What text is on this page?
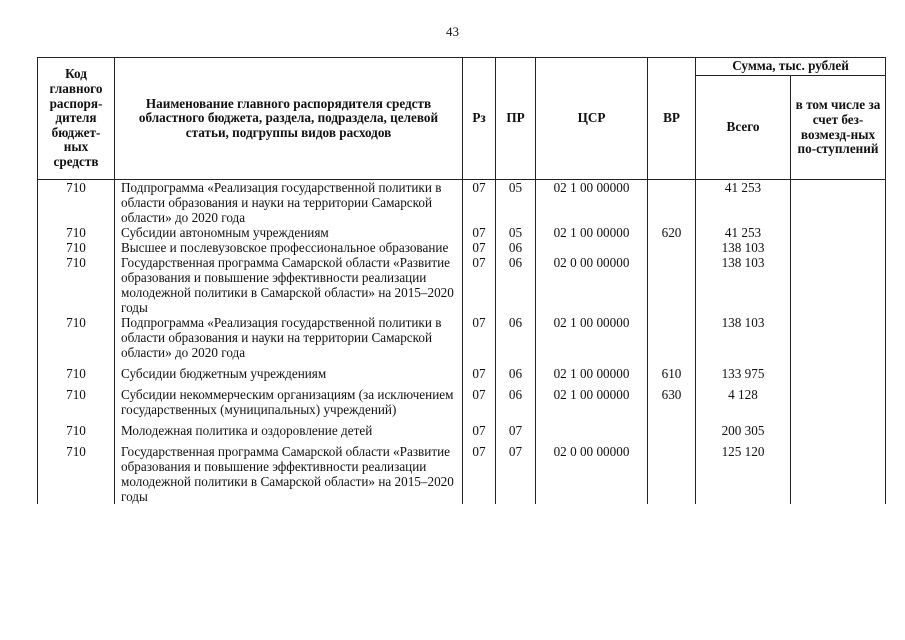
43
Код главного распоря-дителя бюджет-ных средств	Наименование главного распорядителя средств областного бюджета, раздела, подраздела, целевой статьи, подгруппы видов расходов	Рз	ПР	ЦСР	ВР	Сумма, тыс. рублей	
						Всего	в том числе за счет без-возмезд-ных по-ступлений
710	Подпрограмма «Реализация государственной политики в области образования и науки на территории Самарской области» до 2020 года	07	05	02 1 00 00000		41 253	
710	Субсидии автономным учреждениям	07	05	02 1 00 00000	620	41 253	
710	Высшее и послевузовское профессиональное образование	07	06			138 103	
710	Государственная программа Самарской области «Развитие образования и повышение эффективности реализации молодежной политики в Самарской области» на 2015–2020 годы	07	06	02 0 00 00000		138 103	
710	Подпрограмма «Реализация государственной политики в области образования и науки на территории Самарской области» до 2020 года	07	06	02 1 00 00000		138 103	
710	Субсидии бюджетным учреждениям	07	06	02 1 00 00000	610	133 975	
710	Субсидии некоммерческим организациям (за исключением государственных (муниципальных) учреждений)	07	06	02 1 00 00000	630	4 128	
710	Молодежная политика и оздоровление детей	07	07			200 305	
710	Государственная программа Самарской области «Развитие образования и повышение эффективности реализации молодежной политики в Самарской области» на 2015–2020 годы	07	07	02 0 00 00000		125 120	
